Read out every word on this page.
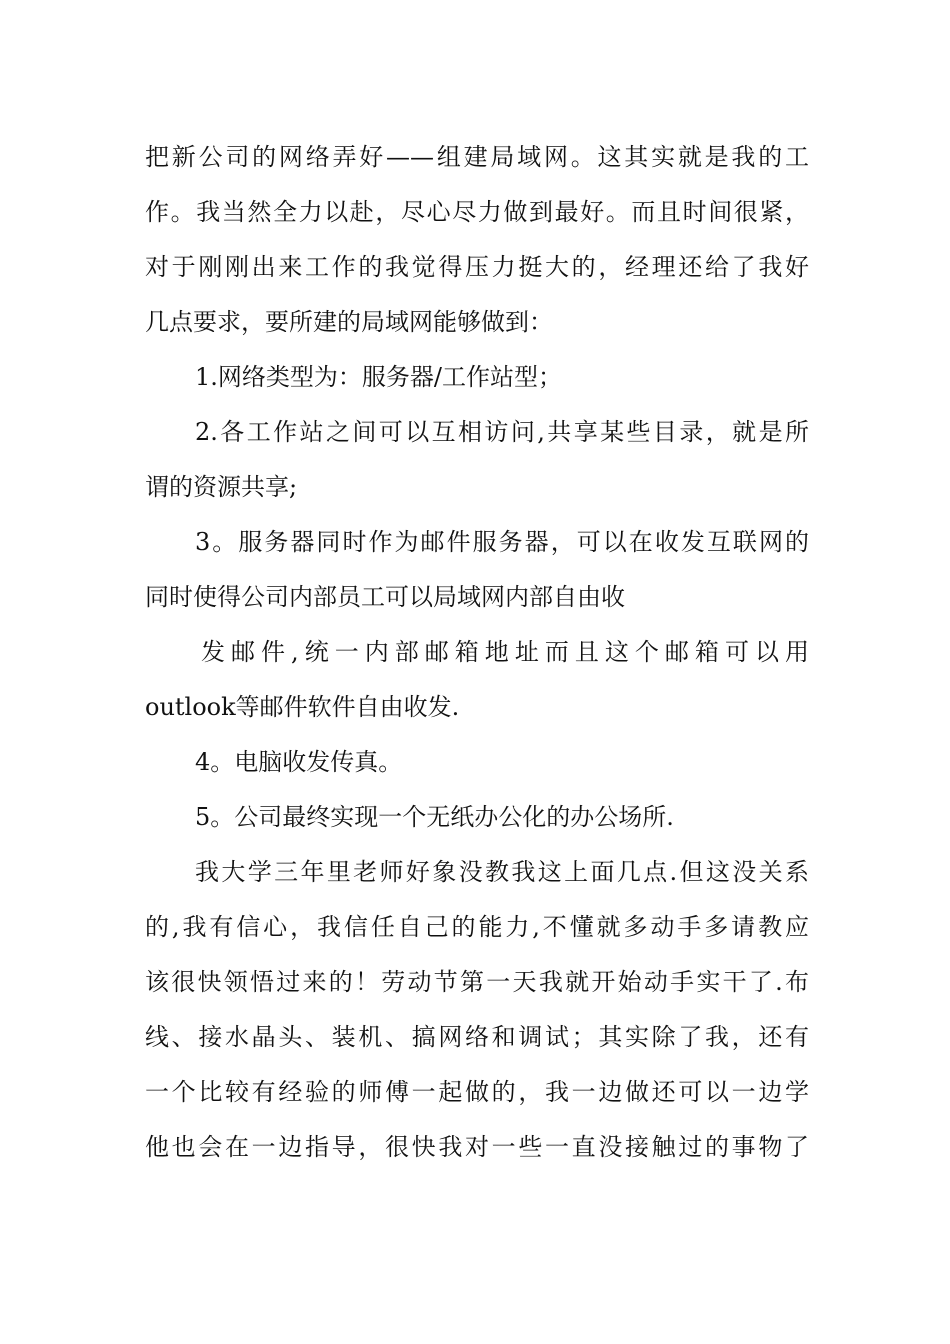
把新公司的网络弄好——组建局域网。这其实就是我的工
作。我当然全力以赴，尽心尽力做到最好。而且时间很紧，
对于刚刚出来工作的我觉得压力挺大的，经理还给了我好
几点要求，要所建的局域网能够做到：
1.网络类型为：服务器/工作站型；
2.各工作站之间可以互相访问,共享某些目录，就是所
谓的资源共享;
3。服务器同时作为邮件服务器，可以在收发互联网的
同时使得公司内部员工可以局域网内部自由收
发邮件,统一内部邮箱地址而且这个邮箱可以用
outlook等邮件软件自由收发.
4。电脑收发传真。
5。公司最终实现一个无纸办公化的办公场所.
我大学三年里老师好象没教我这上面几点.但这没关系
的,我有信心，我信任自己的能力,不懂就多动手多请教应
该很快领悟过来的！劳动节第一天我就开始动手实干了.布
线、接水晶头、装机、搞网络和调试；其实除了我，还有
一个比较有经验的师傅一起做的，我一边做还可以一边学
他也会在一边指导，很快我对一些一直没接触过的事物了
